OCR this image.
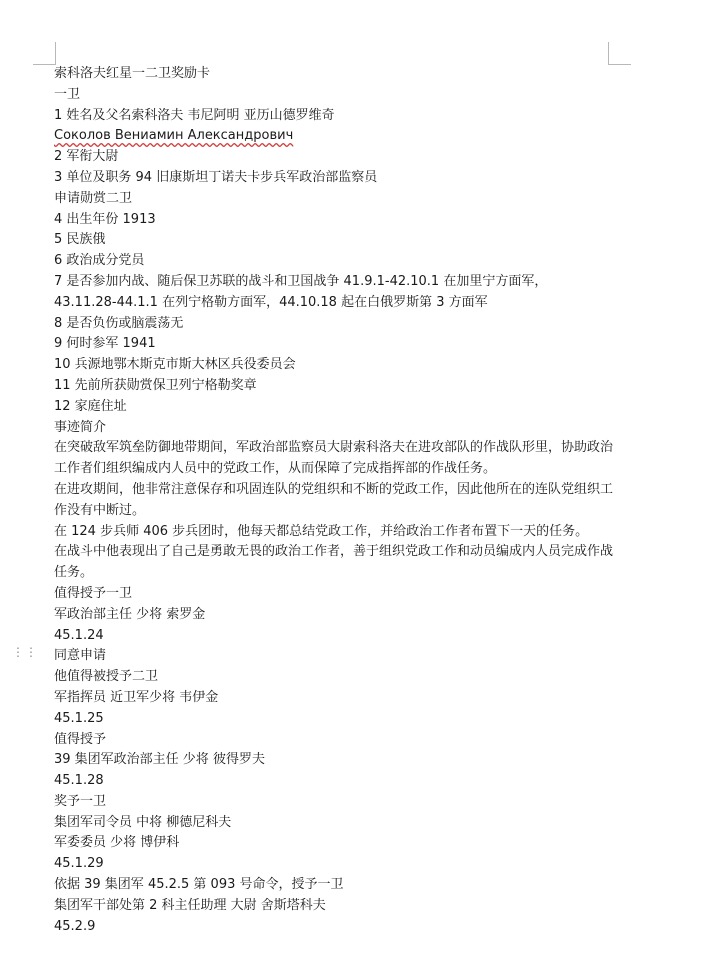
⋮⋮
索科洛夫红星一二卫奖励卡
一卫
1 姓名及父名索科洛夫 韦尼阿明 亚历山德罗维奇
Соколов Вениамин Александрович
2 军衔大尉
3 单位及职务 94 旧康斯坦丁诺夫卡步兵军政治部监察员
申请勋赏二卫
4 出生年份 1913
5 民族俄
6 政治成分党员
7 是否参加内战、随后保卫苏联的战斗和卫国战争 41.9.1-42.10.1 在加里宁方面军，
43.11.28-44.1.1 在列宁格勒方面军，44.10.18 起在白俄罗斯第 3 方面军
8 是否负伤或脑震荡无
9 何时参军 1941
10 兵源地鄂木斯克市斯大林区兵役委员会
11 先前所获勋赏保卫列宁格勒奖章
12 家庭住址
事迹简介
在突破敌军筑垒防御地带期间，军政治部监察员大尉索科洛夫在进攻部队的作战队形里，协助政治工作者们组织编成内人员中的党政工作，从而保障了完成指挥部的作战任务。
在进攻期间，他非常注意保存和巩固连队的党组织和不断的党政工作，因此他所在的连队党组织工作没有中断过。
在 124 步兵师 406 步兵团时，他每天都总结党政工作，并给政治工作者布置下一天的任务。
在战斗中他表现出了自己是勇敢无畏的政治工作者，善于组织党政工作和动员编成内人员完成作战任务。
值得授予一卫
军政治部主任 少将 索罗金
45.1.24
同意申请
他值得被授予二卫
军指挥员 近卫军少将 韦伊金
45.1.25
值得授予
39 集团军政治部主任 少将 彼得罗夫
45.1.28
奖予一卫
集团军司令员 中将 柳德尼科夫
军委委员 少将 博伊科
45.1.29
依据 39 集团军 45.2.5 第 093 号命令，授予一卫
集团军干部处第 2 科主任助理 大尉 舍斯塔科夫
45.2.9
